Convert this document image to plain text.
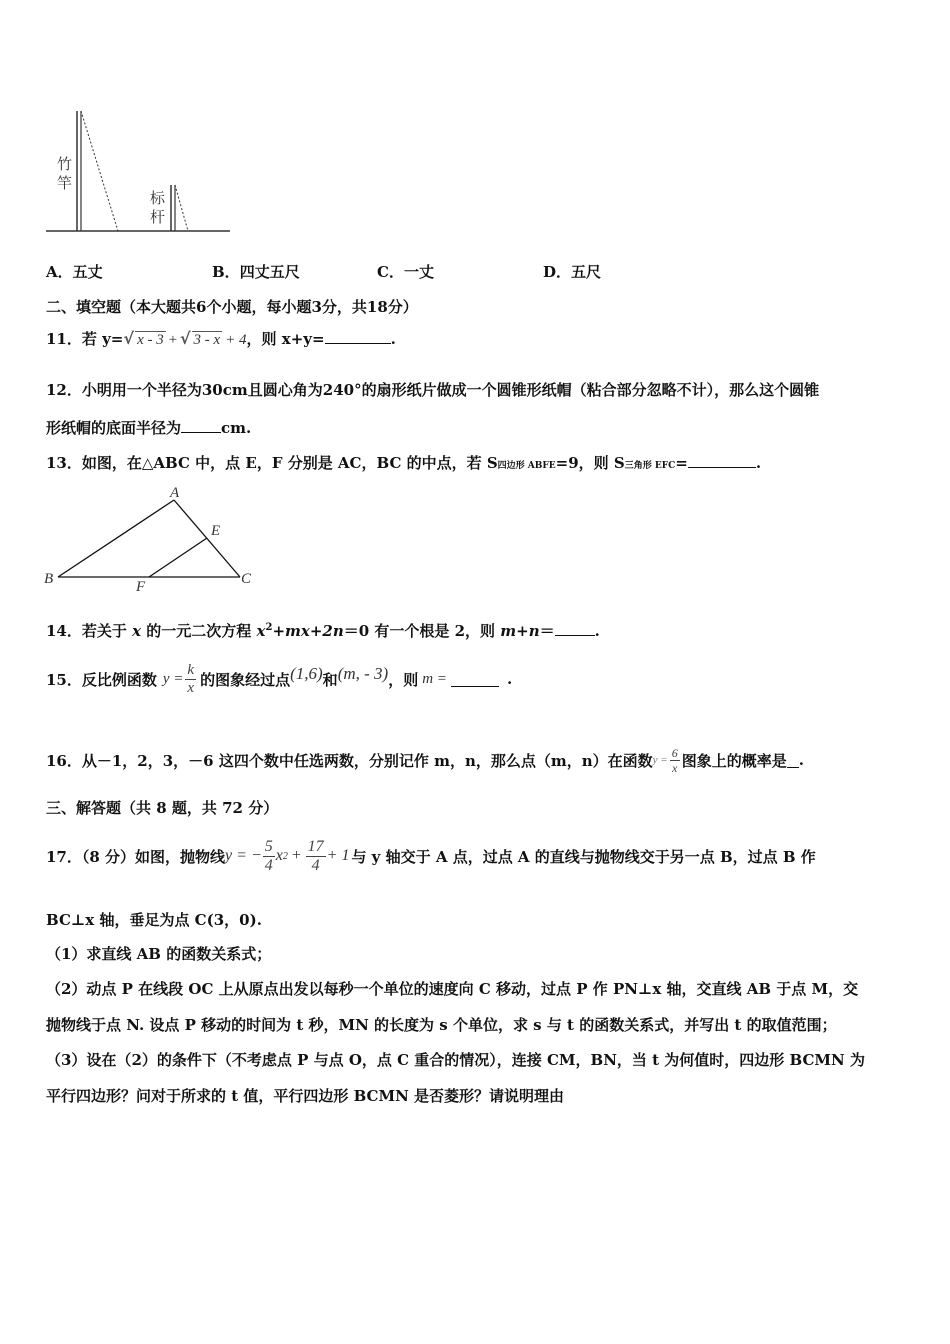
竹
竿
标
杆
A．五丈	B．四丈五尺	C．一丈	D．五尺
二、填空题（本大题共6个小题，每小题3分，共18分）
11．若 y=√ x - 3 + √ 3 - x + 4，则 x+y=	.
12．小明用一个半径为30cm且圆心角为240°的扇形纸片做成一个圆锥形纸帽（粘合部分忽略不计），那么这个圆锥
形纸帽的底面半径为	cm.
13．如图，在△ABC 中，点 E，F 分别是 AC，BC 的中点，若 S四边形 ABFE=9，则 S三角形 EFC=	.
A
B	C
E
F
14．若关于 x 的一元二次方程 $x^2+mx+2n=0$ 有一个根是 2，则 m+n＝	.
15．反比例函数 $y = \frac{k}{x}$ 的图象经过点 (1,6) 和 (m, - 3) ，则 m =	.
16．从－1，2，3，－6 这四个数中任选两数，分别记作 m，n，那么点（m，n）在函数 $y = \frac{6}{x}$ 图象上的概率是 .
三、解答题（共 8 题，共 72 分）
17．（8 分）如图，抛物线 y = − $\frac{5}{4}$ x $2 + \frac{17}{4} + 1$ 与 y 轴交于 A 点，过点 A 的直线与抛物线交于另一点 B，过点 B 作
BC⊥x 轴，垂足为点 C(3，0).
（1）求直线 AB 的函数关系式；
（2）动点 P 在线段 OC 上从原点出发以每秒一个单位的速度向 C 移动，过点 P 作 PN⊥x 轴，交直线 AB 于点 M，交
抛物线于点 N. 设点 P 移动的时间为 t 秒，MN 的长度为 s 个单位，求 s 与 t 的函数关系式，并写出 t 的取值范围；
（3）设在（2）的条件下（不考虑点 P 与点 O，点 C 重合的情况），连接 CM，BN，当 t 为何值时，四边形 BCMN 为
平行四边形？问对于所求的 t 值，平行四边形 BCMN 是否菱形？请说明理由
